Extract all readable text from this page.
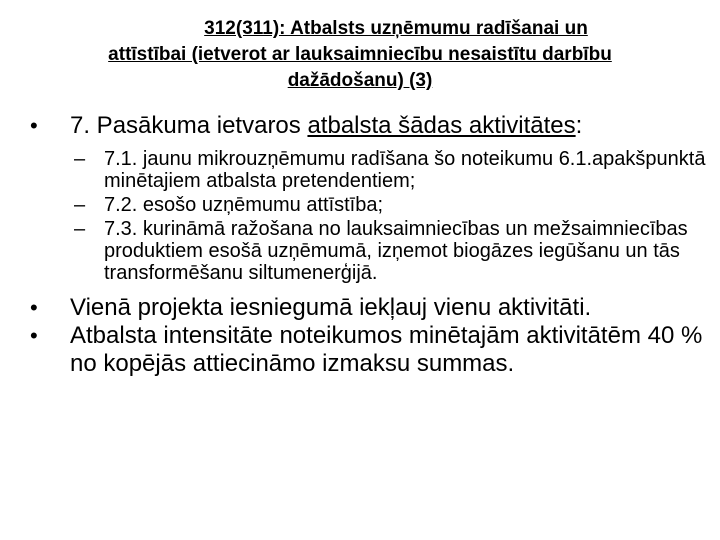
312(311): Atbalsts uzņēmumu radīšanai un
attīstībai (ietverot ar lauksaimniecību nesaistītu darbību
dažādošanu) (3)
•	7. Pasākuma ietvaros atbalsta šādas aktivitātes:
– 7.1. jaunu mikrouzņēmumu radīšana šo noteikumu 6.1.apakšpunktā minētajiem atbalsta pretendentiem;
– 7.2. esošo uzņēmumu attīstība;
– 7.3. kurināmā ražošana no lauksaimniecības un mežsaimniecības produktiem esošā uzņēmumā, izņemot biogāzes iegūšanu un tās transformēšanu siltumenerģijā.
•	Vienā projekta iesniegumā iekļauj vienu aktivitāti.
•	Atbalsta intensitāte noteikumos minētajām aktivitātēm 40 % no kopējās attiecināmo izmaksu summas.
